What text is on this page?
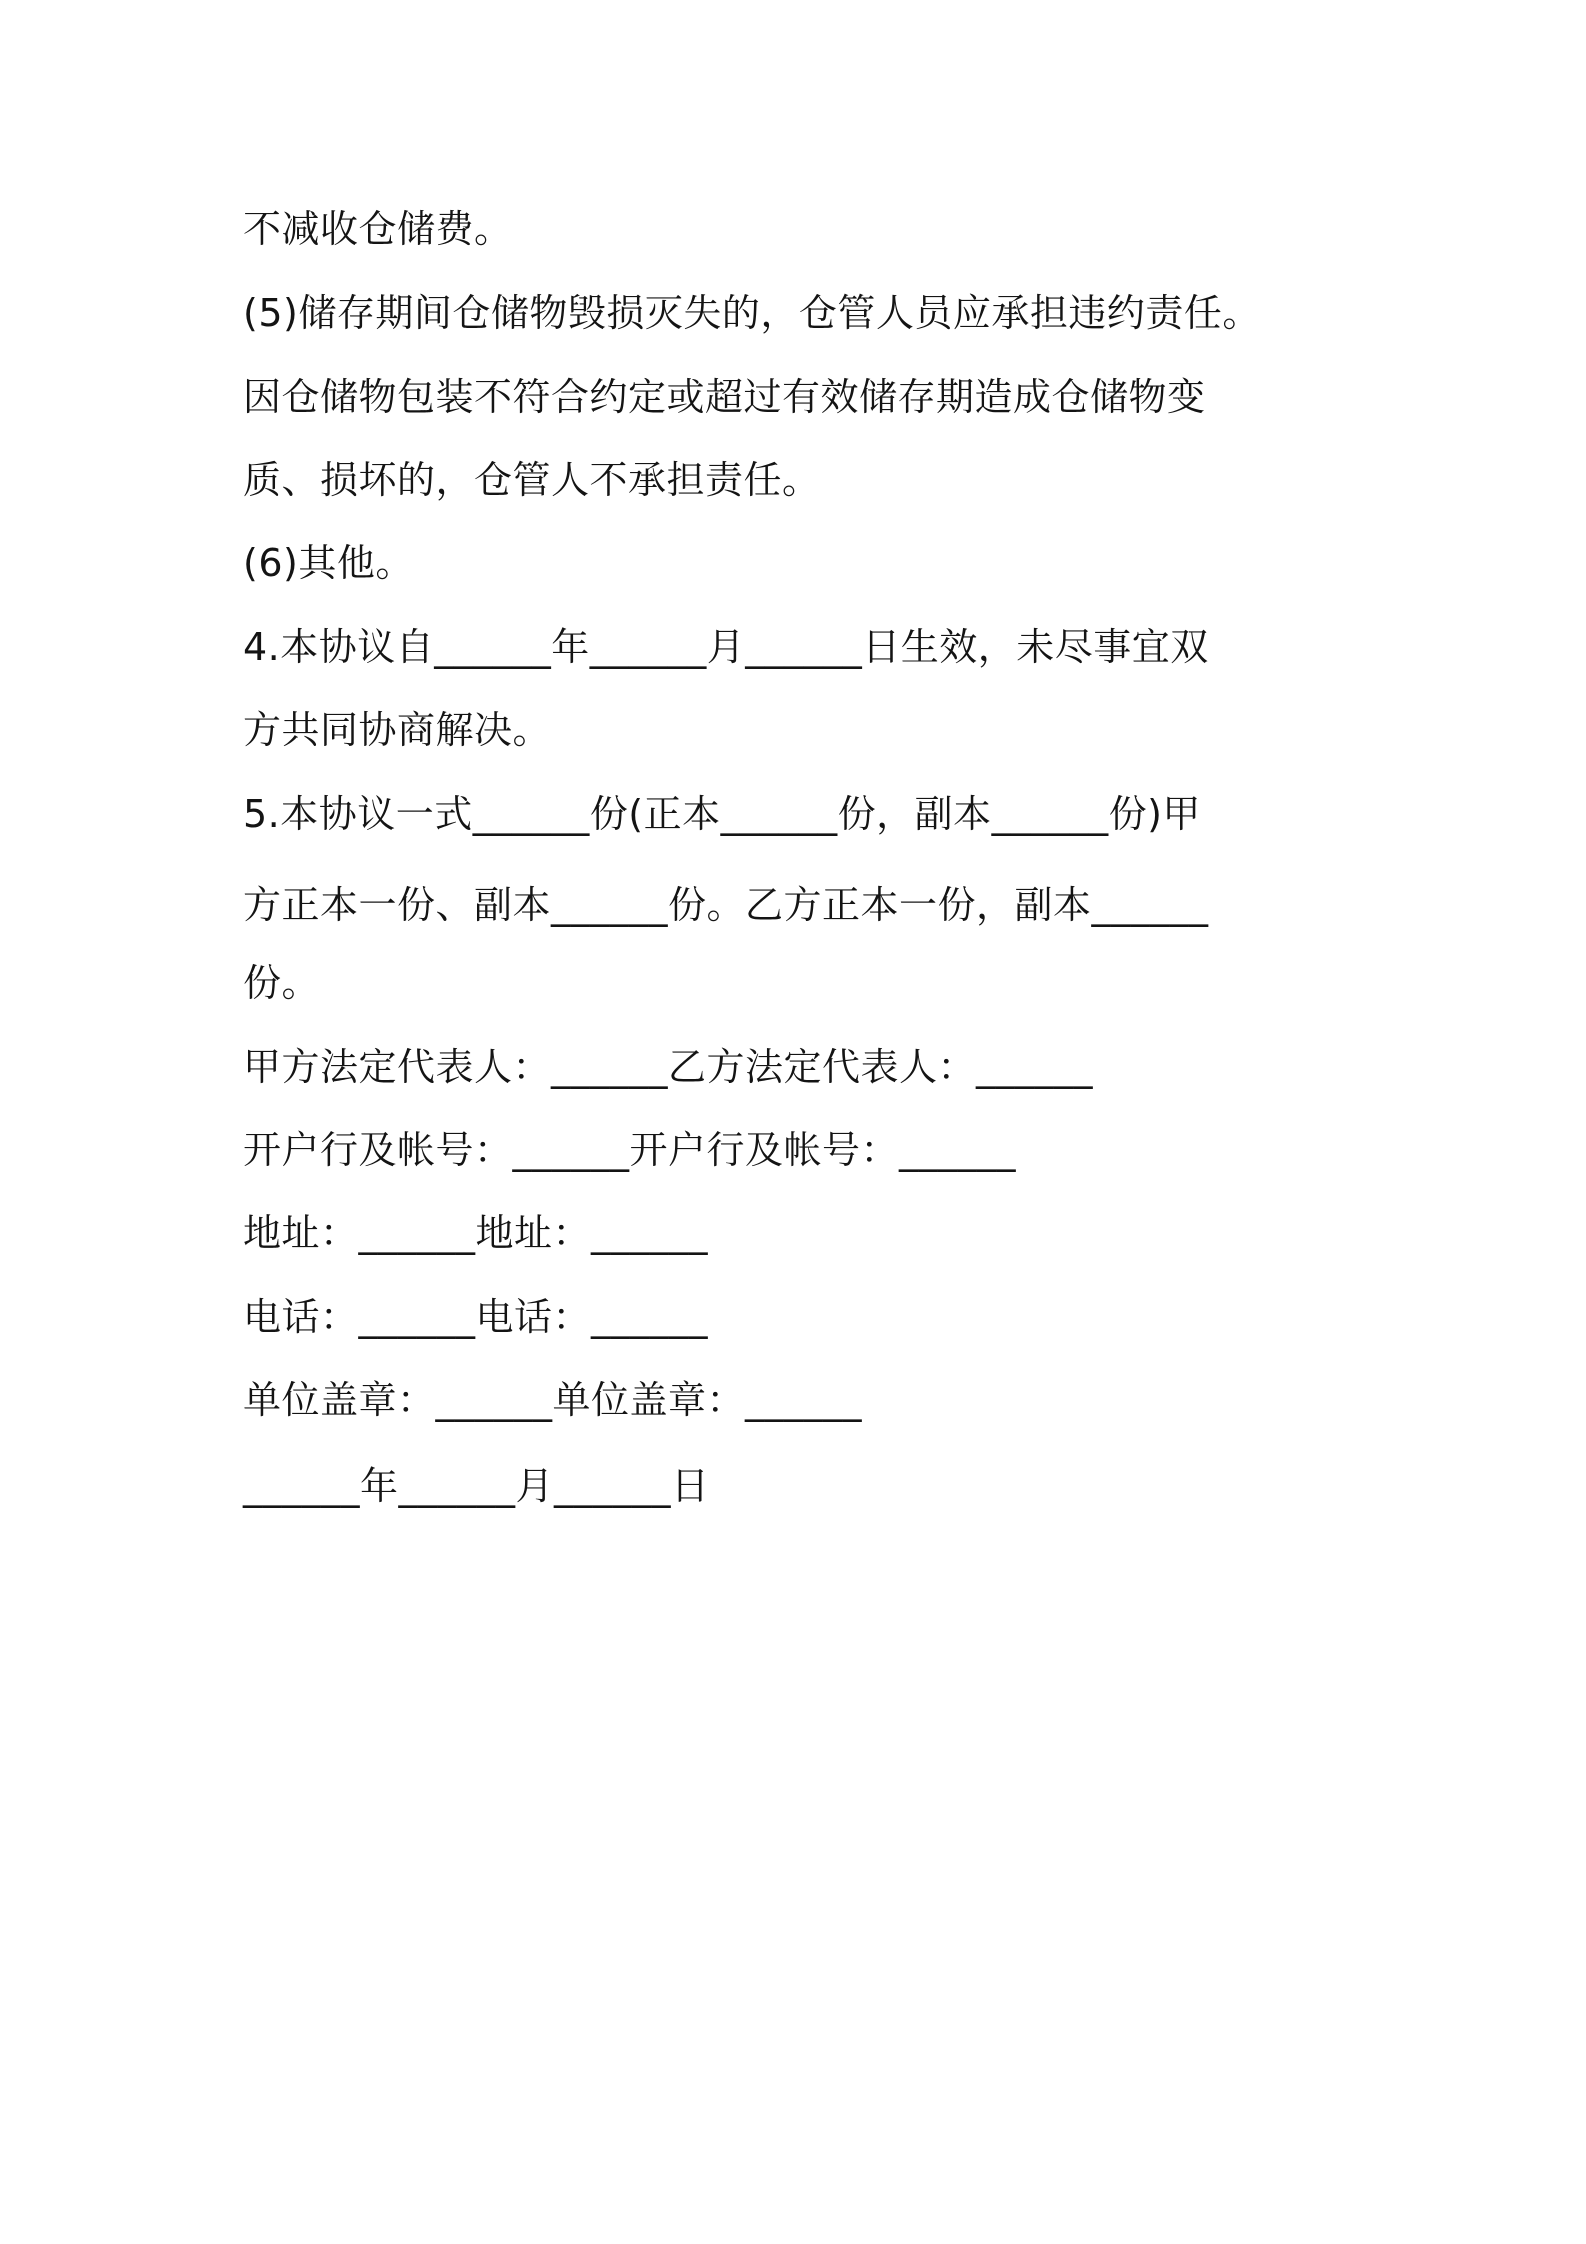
不减收仓储费。

(5)储存期间仓储物毁损灭失的，仓管人员应承担违约责任。

因仓储物包装不符合约定或超过有效储存期造成仓储物变

质、损坏的，仓管人不承担责任。

(6)其他。

4.本协议自______年______月______日生效，未尽事宜双

方共同协商解决。

5.本协议一式______份(正本______份，副本______份)甲

方正本一份、副本______份。乙方正本一份，副本______

份。

甲方法定代表人：______乙方法定代表人：______

开户行及帐号：______开户行及帐号：______

地址：______地址：______

电话：______电话：______

单位盖章：______单位盖章：______

______年______月______日
